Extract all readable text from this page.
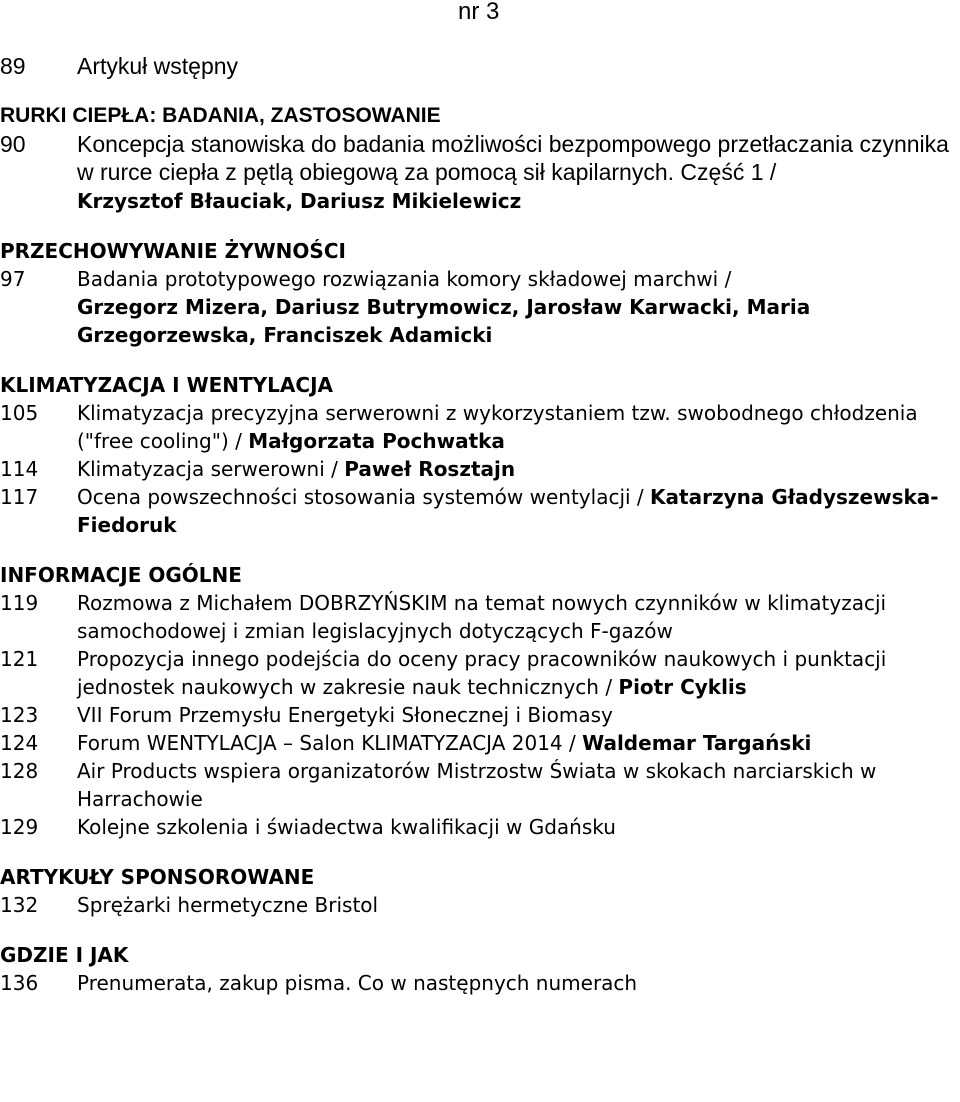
nr 3
89	Artykuł wstępny
RURKI CIEPŁA: BADANIA, ZASTOSOWANIE
90	Koncepcja stanowiska do badania możliwości bezpompowego przetłaczania czynnika w rurce ciepła z pętlą obiegową za pomocą sił kapilarnych. Część 1 /
Krzysztof Błauciak, Dariusz Mikielewicz
PRZECHOWYWANIE ŻYWNOŚCI
97	Badania prototypowego rozwiązania komory składowej marchwi /
Grzegorz Mizera, Dariusz Butrymowicz, Jarosław Karwacki, Maria Grzegorzewska, Franciszek Adamicki
KLIMATYZACJA I WENTYLACJA
105	Klimatyzacja precyzyjna serwerowni z wykorzystaniem tzw. swobodnego chłodzenia ("free cooling") / Małgorzata Pochwatka
114	Klimatyzacja serwerowni / Paweł Rosztajn
117	Ocena powszechności stosowania systemów wentylacji / Katarzyna Gładyszewska-Fiedoruk
INFORMACJE OGÓLNE
119	Rozmowa z Michałem DOBRZYŃSKIM na temat nowych czynników w klimatyzacji samochodowej i zmian legislacyjnych dotyczących F-gazów
121	Propozycja innego podejścia do oceny pracy pracowników naukowych i punktacji jednostek naukowych w zakresie nauk technicznych / Piotr Cyklis
123	VII Forum Przemysłu Energetyki Słonecznej i Biomasy
124	Forum WENTYLACJA – Salon KLIMATYZACJA 2014 / Waldemar Targański
128	Air Products wspiera organizatorów Mistrzostw Świata w skokach narciarskich w Harrachowie
129	Kolejne szkolenia i świadectwa kwalifikacji w Gdańsku
ARTYKUŁY SPONSOROWANE
132	Sprężarki hermetyczne Bristol
GDZIE I JAK
136	Prenumerata, zakup pisma. Co w następnych numerach
